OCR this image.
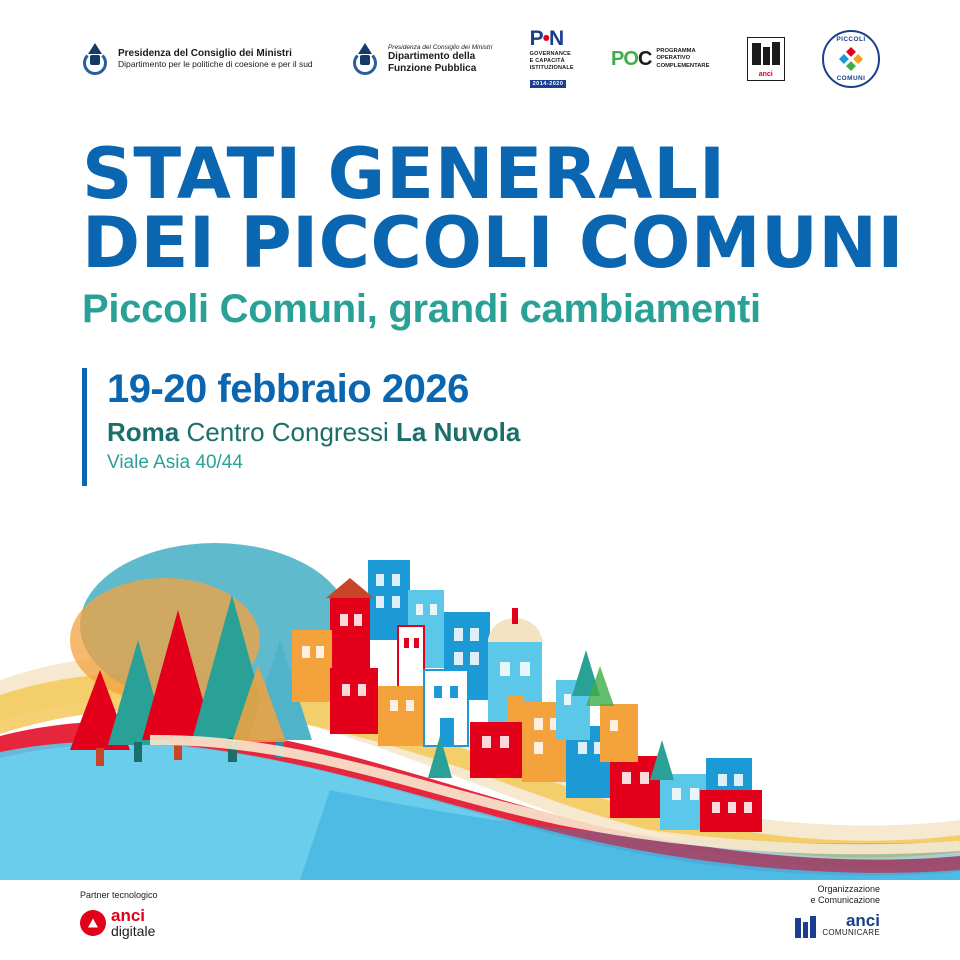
Presidenza del Consiglio dei Ministri
Dipartimento per le politiche di coesione e per il sud
Presidenza del Consiglio dei Ministri
Dipartimento della
Funzione Pubblica
P•N
GOVERNANCE
E CAPACITÀ
ISTITUZIONALE
2014-2020
POC PROGRAMMA
OPERATIVO
COMPLEMENTARE
anci
PICCOLI
COMUNI
STATI GENERALI
DEI PICCOLI COMUNI
Piccoli Comuni, grandi cambiamenti
19-20 febbraio 2026
Roma Centro Congressi La Nuvola
Viale Asia 40/44
Partner tecnologico
anci
digitale
Organizzazione
e Comunicazione
anci
COMUNICARE
